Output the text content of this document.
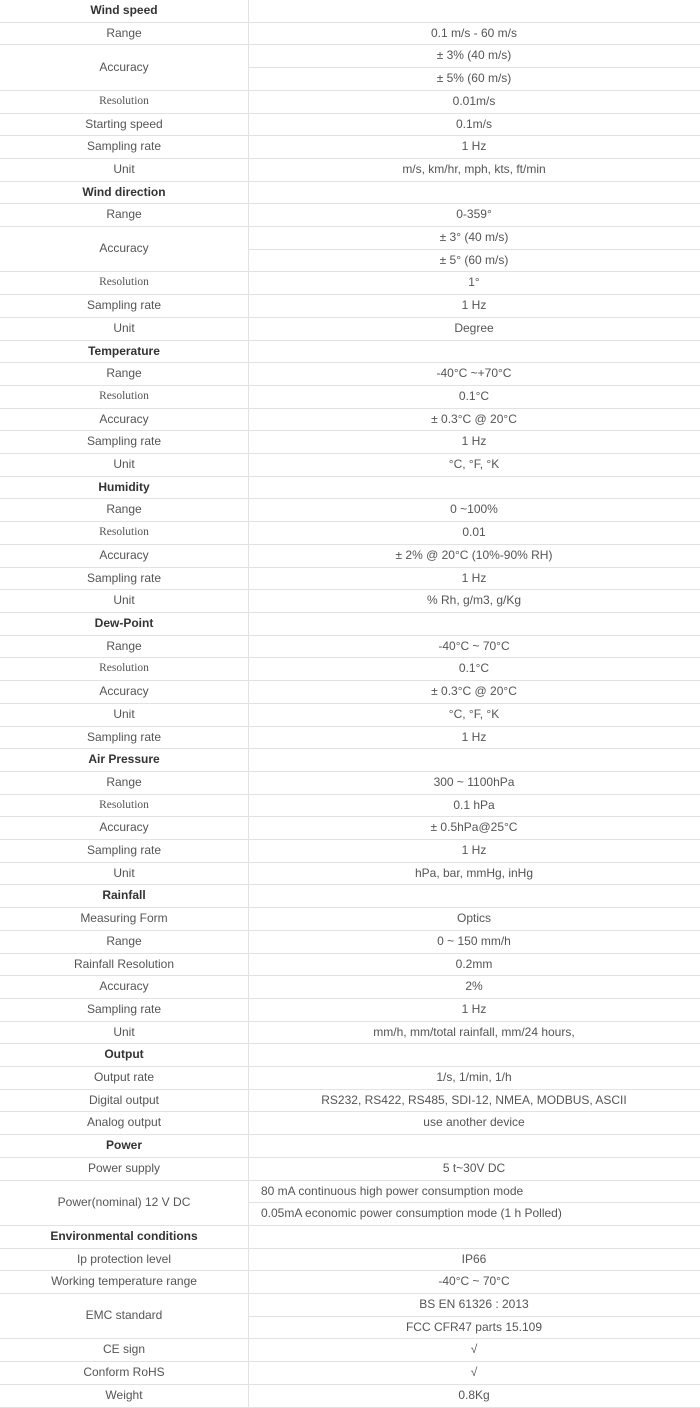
Wind speed	
Range	0.1 m/s - 60 m/s
Accuracy	± 3% (40 m/s)
	± 5% (60 m/s)
Resolution	0.01m/s
Starting speed	0.1m/s
Sampling rate	1 Hz
Unit	m/s, km/hr, mph, kts, ft/min
Wind direction	
Range	0-359°
Accuracy	± 3° (40 m/s)
	± 5° (60 m/s)
Resolution	1°
Sampling rate	1 Hz
Unit	Degree
Temperature	
Range	-40°C ~+70°C
Resolution	0.1°C
Accuracy	± 0.3°C @ 20°C
Sampling rate	1 Hz
Unit	°C, °F, °K
Humidity	
Range	0 ~100%
Resolution	0.01
Accuracy	± 2% @ 20°C (10%-90% RH)
Sampling rate	1 Hz
Unit	% Rh, g/m3, g/Kg
Dew-Point	
Range	-40°C ~ 70°C
Resolution	0.1°C
Accuracy	± 0.3°C @ 20°C
Unit	°C, °F, °K
Sampling rate	1 Hz
Air Pressure	
Range	300 ~ 1100hPa
Resolution	0.1 hPa
Accuracy	± 0.5hPa@25°C
Sampling rate	1 Hz
Unit	hPa, bar, mmHg, inHg
Rainfall	
Measuring Form	Optics
Range	0 ~ 150 mm/h
Rainfall Resolution	0.2mm
Accuracy	2%
Sampling rate	1 Hz
Unit	mm/h, mm/total rainfall, mm/24 hours,
Output	
Output rate	1/s, 1/min, 1/h
Digital output	RS232, RS422, RS485, SDI-12, NMEA, MODBUS, ASCII
Analog output	use another device
Power	
Power supply	5 t~30V DC
Power(nominal) 12 V DC	80 mA continuous high power consumption mode
	0.05mA economic power consumption mode (1 h Polled)
Environmental conditions	
Ip protection level	IP66
Working temperature range	-40°C ~ 70°C
EMC standard	BS EN 61326 : 2013
	FCC CFR47 parts 15.109
CE sign	√
Conform RoHS	√
Weight	0.8Kg
